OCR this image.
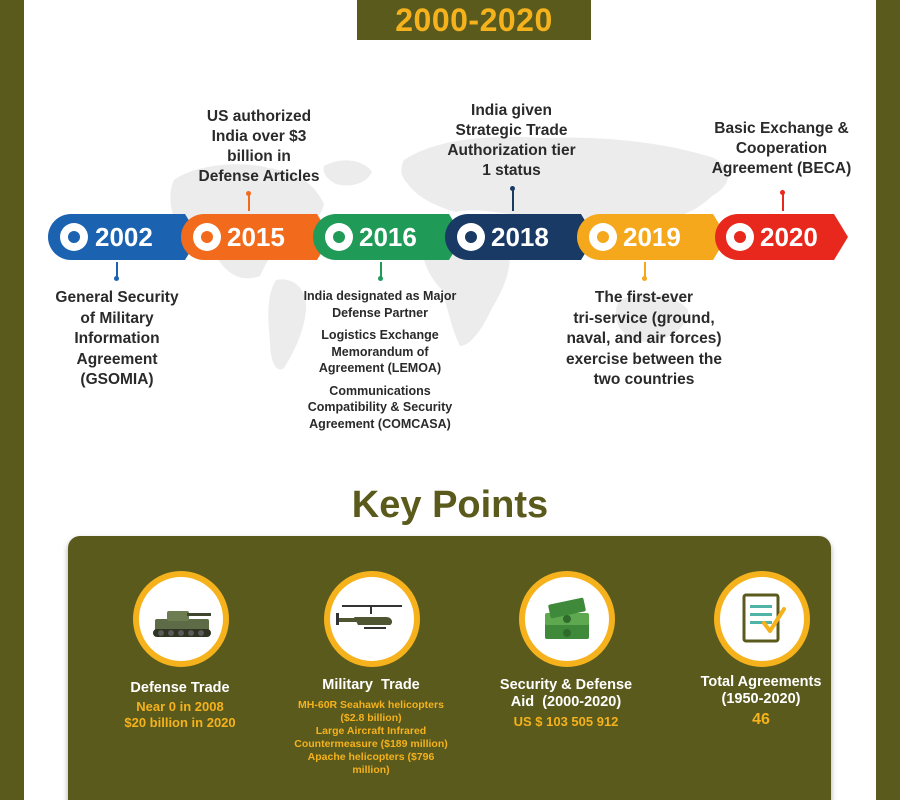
2000-2020
US authorized
India over $3
billion in
Defense Articles
India given
Strategic Trade
Authorization tier
1 status
Basic Exchange &
Cooperation
Agreement (BECA)
2002	2015	2016	2018	2019	2020
General Security
of Military
Information
Agreement
(GSOMIA)
India designated as Major
Defense Partner
Logistics Exchange
Memorandum of
Agreement (LEMOA)
Communications
Compatibility & Security
Agreement (COMCASA)
The first-ever
tri-service (ground,
naval, and air forces)
exercise between the
two countries
Key Points
Defense Trade
Near 0 in 2008
$20 billion in 2020
Military  Trade
MH-60R Seahawk helicopters
($2.8 billion)
Large Aircraft Infrared
Countermeasure ($189 million)
Apache helicopters ($796
million)
Security & Defense
Aid  (2000-2020)
US $ 103 505 912
Total Agreements
(1950-2020)
46
